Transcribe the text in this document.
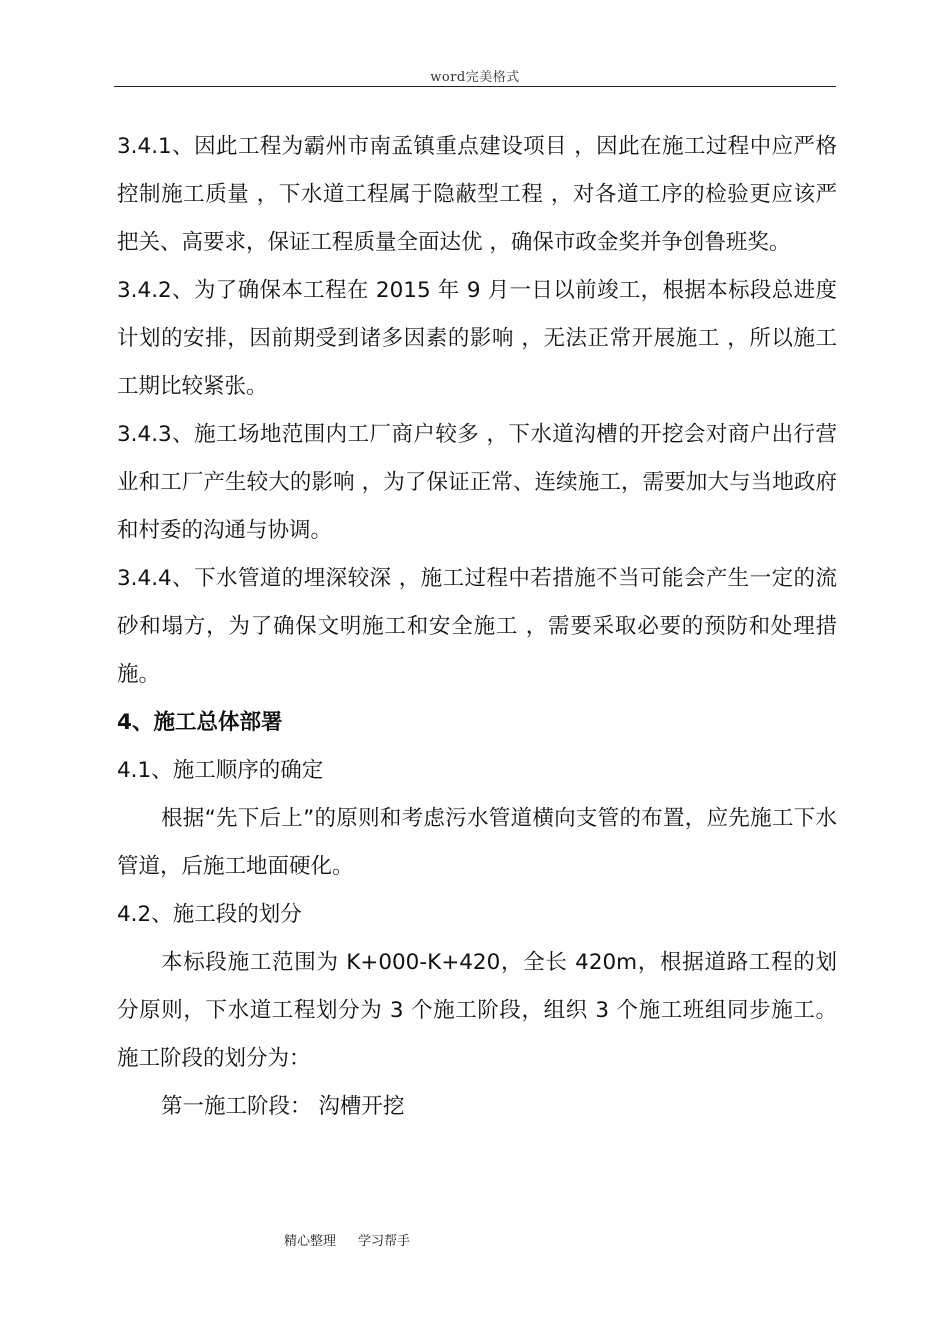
word完美格式

3.4.1、因此工程为霸州市南孟镇重点建设项目 ，因此在施工过程中应严格控制施工质量 ，下水道工程属于隐蔽型工程 ，对各道工序的检验更应该严把关、高要求，保证工程质量全面达优 ，确保市政金奖并争创鲁班奖。

3.4.2、为了确保本工程在 2015 年 9 月一日以前竣工，根据本标段总进度计划的安排，因前期受到诸多因素的影响 ，无法正常开展施工 ，所以施工工期比较紧张。

3.4.3、施工场地范围内工厂商户较多 ，下水道沟槽的开挖会对商户出行营业和工厂产生较大的影响 ，为了保证正常、连续施工，需要加大与当地政府和村委的沟通与协调。

3.4.4、下水管道的埋深较深 ，施工过程中若措施不当可能会产生一定的流砂和塌方，为了确保文明施工和安全施工 ，需要采取必要的预防和处理措施。

4、施工总体部署

4.1、施工顺序的确定

根据“先下后上”的原则和考虑污水管道横向支管的布置，应先施工下水管道，后施工地面硬化。

4.2、施工段的划分

本标段施工范围为 K+000-K+420，全长 420m，根据道路工程的划分原则，下水道工程划分为 3 个施工阶段，组织 3 个施工班组同步施工。施工阶段的划分为：

第一施工阶段： 沟槽开挖

精心整理 学习帮手
